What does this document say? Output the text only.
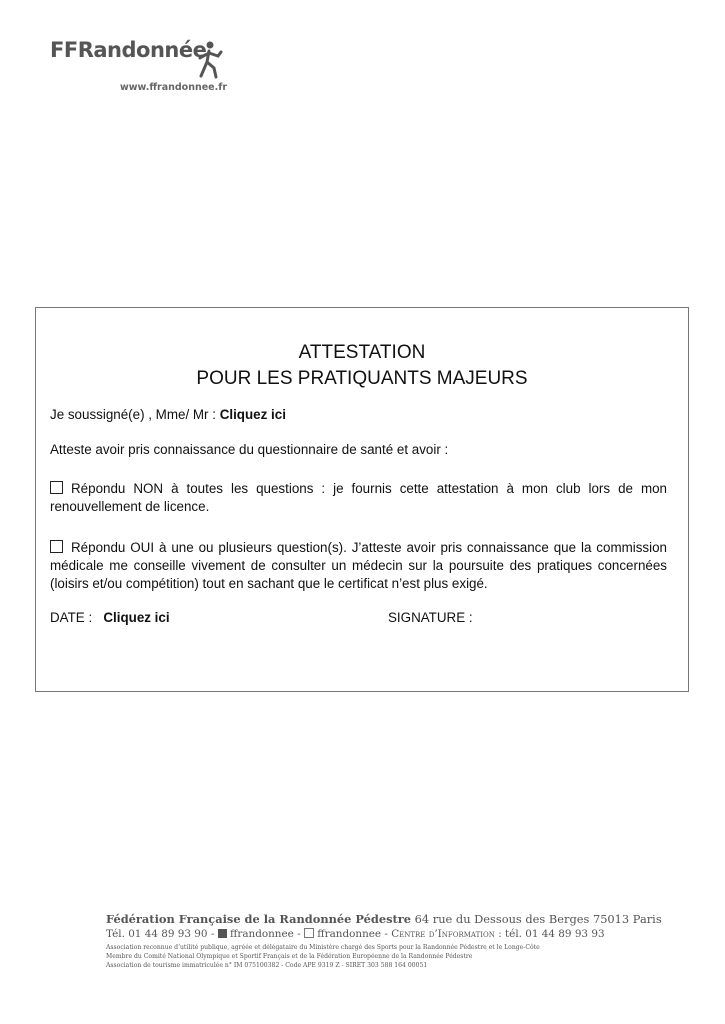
FFRandonnée
www.ffrandonnee.fr
ATTESTATION
POUR LES PRATIQUANTS MAJEURS
Je soussigné(e) , Mme/ Mr : Cliquez ici
Atteste avoir pris connaissance du questionnaire de santé et avoir :
Répondu NON à toutes les questions : je fournis cette attestation à mon club lors de mon renouvellement de licence.
Répondu OUI à une ou plusieurs question(s). J’atteste avoir pris connaissance que la commission médicale me conseille vivement de consulter un médecin sur la poursuite des pratiques concernées (loisirs et/ou compétition) tout en sachant que le certificat n’est plus exigé.
DATE : Cliquez ici	SIGNATURE :
Fédération Française de la Randonnée Pédestre 64 rue du Dessous des Berges 75013 Paris
Tél. 01 44 89 93 90 - ffrandonnee - ffrandonnee - Centre d’Information : tél. 01 44 89 93 93
Association reconnue d’utilité publique, agréée et délégataire du Ministère chargé des Sports pour la Randonnée Pédestre et le Longe-Côte
Membre du Comité National Olympique et Sportif Français et de la Fédération Européenne de la Randonnée Pédestre
Association de tourisme immatriculée n° IM 075100382 - Code APE 9319 Z - SIRET 303 588 164 00051
